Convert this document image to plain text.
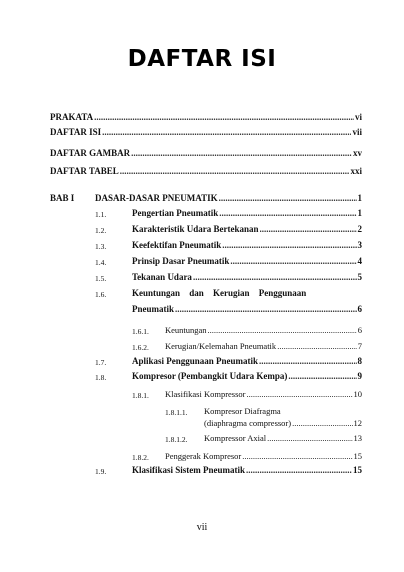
DAFTAR ISI
PRAKATA .....	vi
DAFTAR ISI .....	vii
DAFTAR GAMBAR .....	xv
DAFTAR TABEL .....	xxi
BAB I DASAR-DASAR PNEUMATIK .....	1
1.1.	Pengertian Pneumatik .....	1
1.2.	Karakteristik Udara Bertekanan .....	2
1.3.	Keefektifan Pneumatik .....	3
1.4.	Prinsip Dasar Pneumatik .....	4
1.5.	Tekanan Udara .....	5
1.6.	Keuntungan dan Kerugian Penggunaan
Pneumatik .....	6
1.6.1. Keuntungan .....	6
1.6.2. Kerugian/Kelemahan Pneumatik .....	7
1.7.	Aplikasi Penggunaan Pneumatik .....	8
1.8.	Kompresor (Pembangkit Udara Kempa) .....	9
1.8.1. Klasifikasi Kompressor .....	10
1.8.1.1. Kompresor Diafragma
(diaphragma compressor) .....	12
1.8.1.2. Kompressor Axial .....	13
1.8.2. Penggerak Kompresor .....	15
1.9.	Klasifikasi Sistem Pneumatik .....	15
vii
